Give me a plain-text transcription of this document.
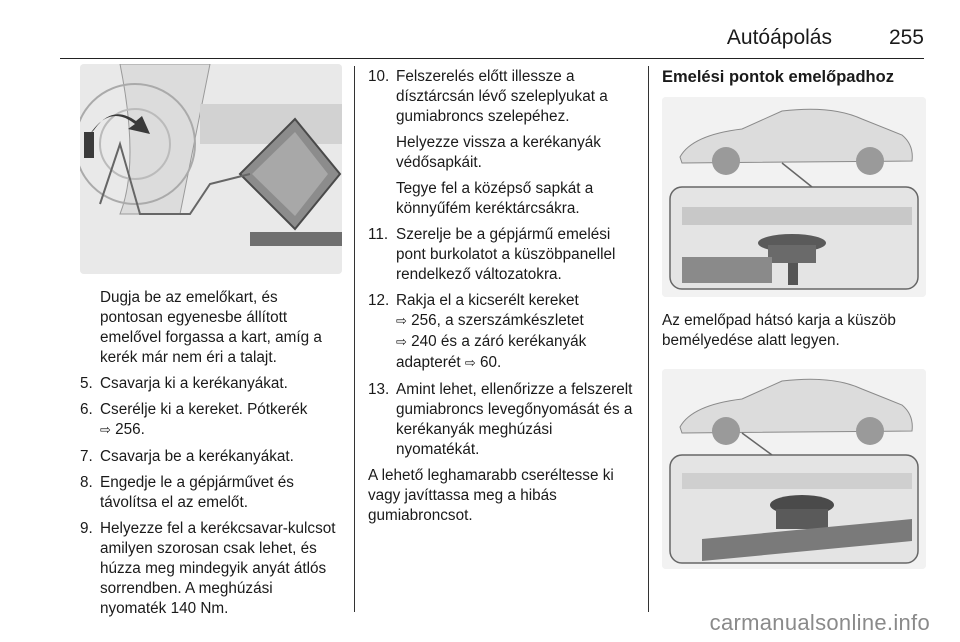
Autóápolás	255
Dugja be az emelőkart, és pontosan egyenesbe állított emelővel forgassa a kart, amíg a kerék már nem éri a talajt.
5. Csavarja ki a kerékanyákat.
6. Cserélje ki a kereket. Pótkerék
⇨ 256.
7. Csavarja be a kerékanyákat.
8. Engedje le a gépjárművet és távolítsa el az emelőt.
9. Helyezze fel a kerékcsavar-kulcsot amilyen szorosan csak lehet, és húzza meg mindegyik anyát átlós sorrendben. A meghúzási nyomaték 140 Nm.
10. Felszerelés előtt illessze a dísztárcsán lévő szeleplyukat a gumiabroncs szelepéhez.
Helyezze vissza a kerékanyák védősapkáit.
Tegye fel a középső sapkát a könnyűfém keréktárcsákra.
11. Szerelje be a gépjármű emelési pont burkolatot a küszöbpanellel rendelkező változatokra.
12. Rakja el a kicserélt kereket
⇨ 256, a szerszámkészletet
⇨ 240 és a záró kerékanyák adapterét ⇨ 60.
13. Amint lehet, ellenőrizze a felszerelt gumiabroncs levegőnyomását és a kerékanyák meghúzási nyomatékát.
A lehető leghamarabb cseréltesse ki vagy javíttassa meg a hibás gumiabroncsot.
Emelési pontok emelőpadhoz
Az emelőpad hátsó karja a küszöb bemélyedése alatt legyen.
carmanualsonline.info
